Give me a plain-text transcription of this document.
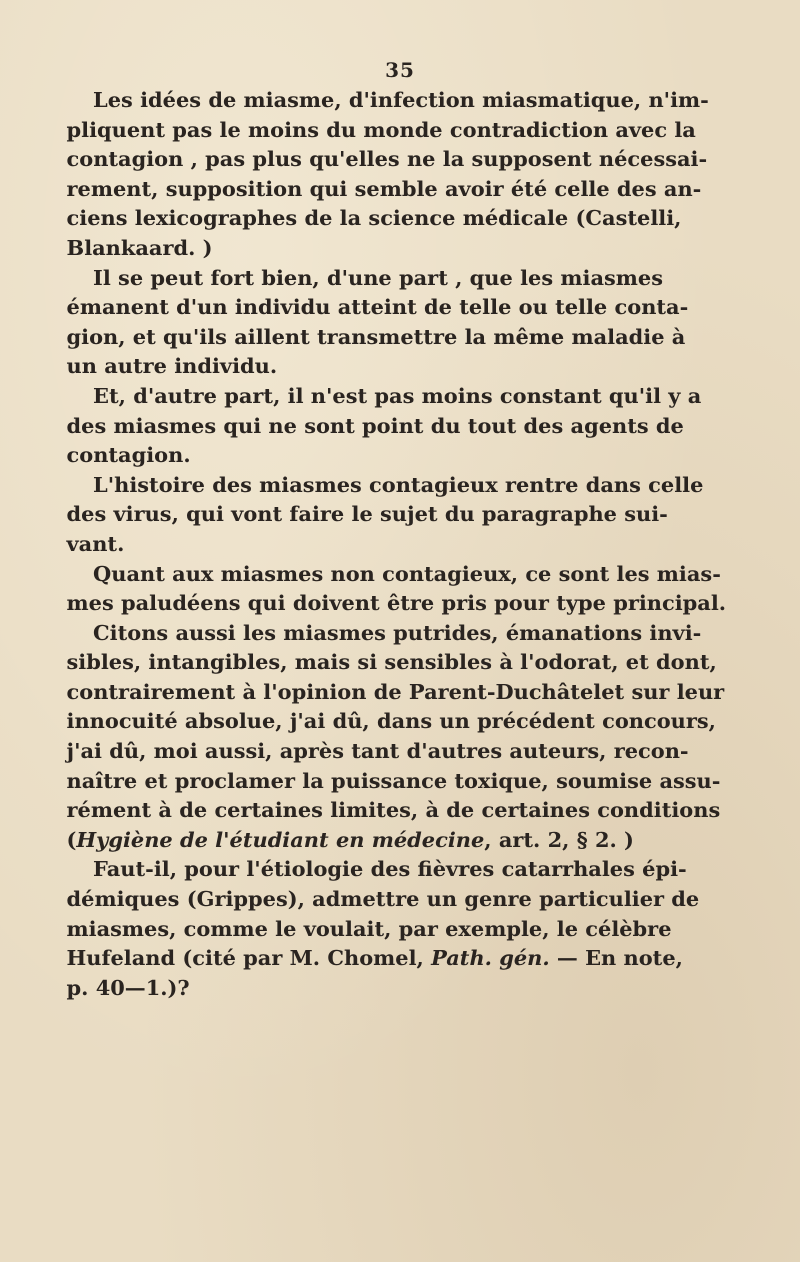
35

Les idées de miasme, d'infection miasmatique, n'im-
pliquent pas le moins du monde contradiction avec la
contagion , pas plus qu'elles ne la supposent nécessai-
rement, supposition qui semble avoir été celle des an-
ciens lexicographes de la science médicale (Castelli,
Blankaard. )

Il se peut fort bien, d'une part , que les miasmes
émanent d'un individu atteint de telle ou telle conta-
gion, et qu'ils aillent transmettre la même maladie à
un autre individu.

Et, d'autre part, il n'est pas moins constant qu'il y a
des miasmes qui ne sont point du tout des agents de
contagion.

L'histoire des miasmes contagieux rentre dans celle
des virus, qui vont faire le sujet du paragraphe sui-
vant.

Quant aux miasmes non contagieux, ce sont les mias-
mes paludéens qui doivent être pris pour type principal.

Citons aussi les miasmes putrides, émanations invi-
sibles, intangibles, mais si sensibles à l'odorat, et dont,
contrairement à l'opinion de Parent-Duchâtelet sur leur
innocuité absolue, j'ai dû, dans un précédent concours,
j'ai dû, moi aussi, après tant d'autres auteurs, recon-
naître et proclamer la puissance toxique, soumise assu-
rément à de certaines limites, à de certaines conditions
(Hygiène de l'étudiant en médecine, art. 2, § 2. )

Faut-il, pour l'étiologie des fièvres catarrhales épi-
démiques (Grippes), admettre un genre particulier de
miasmes, comme le voulait, par exemple, le célèbre
Hufeland (cité par M. Chomel, Path. gén. — En note,
p. 40—1.)?
